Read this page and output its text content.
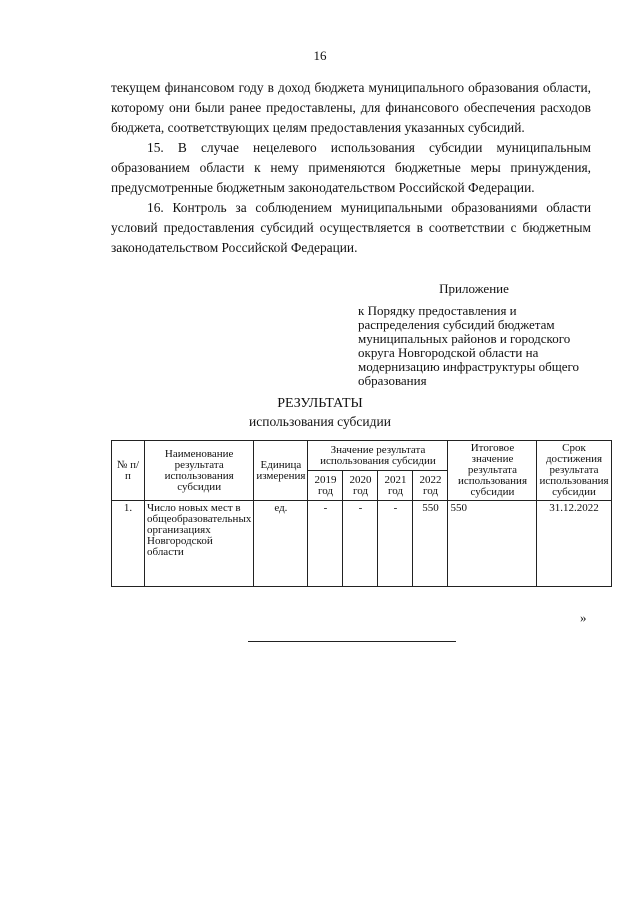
16

текущем финансовом году в доход бюджета муниципального образования области, которому они были ранее предоставлены, для финансового обеспечения расходов бюджета, соответствующих целям предоставления указанных субсидий.

15. В случае нецелевого использования субсидии муниципальным образованием области к нему применяются бюджетные меры принуждения, предусмотренные бюджетным законодательством Российской Федерации.

16. Контроль за соблюдением муниципальными образованиями области условий предоставления субсидий осуществляется в соответствии с бюджетным законодательством Российской Федерации.

Приложение
к Порядку предоставления и распределения субсидий бюджетам муниципальных районов и городского округа Новгородской области на модернизацию инфраструктуры общего образования
РЕЗУЛЬТАТЫ
использования субсидии
№ п/п	Наименование результата использования субсидии	Единица измерения	Значение результата использования субсидии				Итоговое значение результата использования субсидии	Срок достижения результата использования субсидии
			2019 год	2020 год	2021 год	2022 год		
1.	Число новых мест в общеобразовательных организациях Новгородской области	ед.	-	-	-	550	550	31.12.2022
»
